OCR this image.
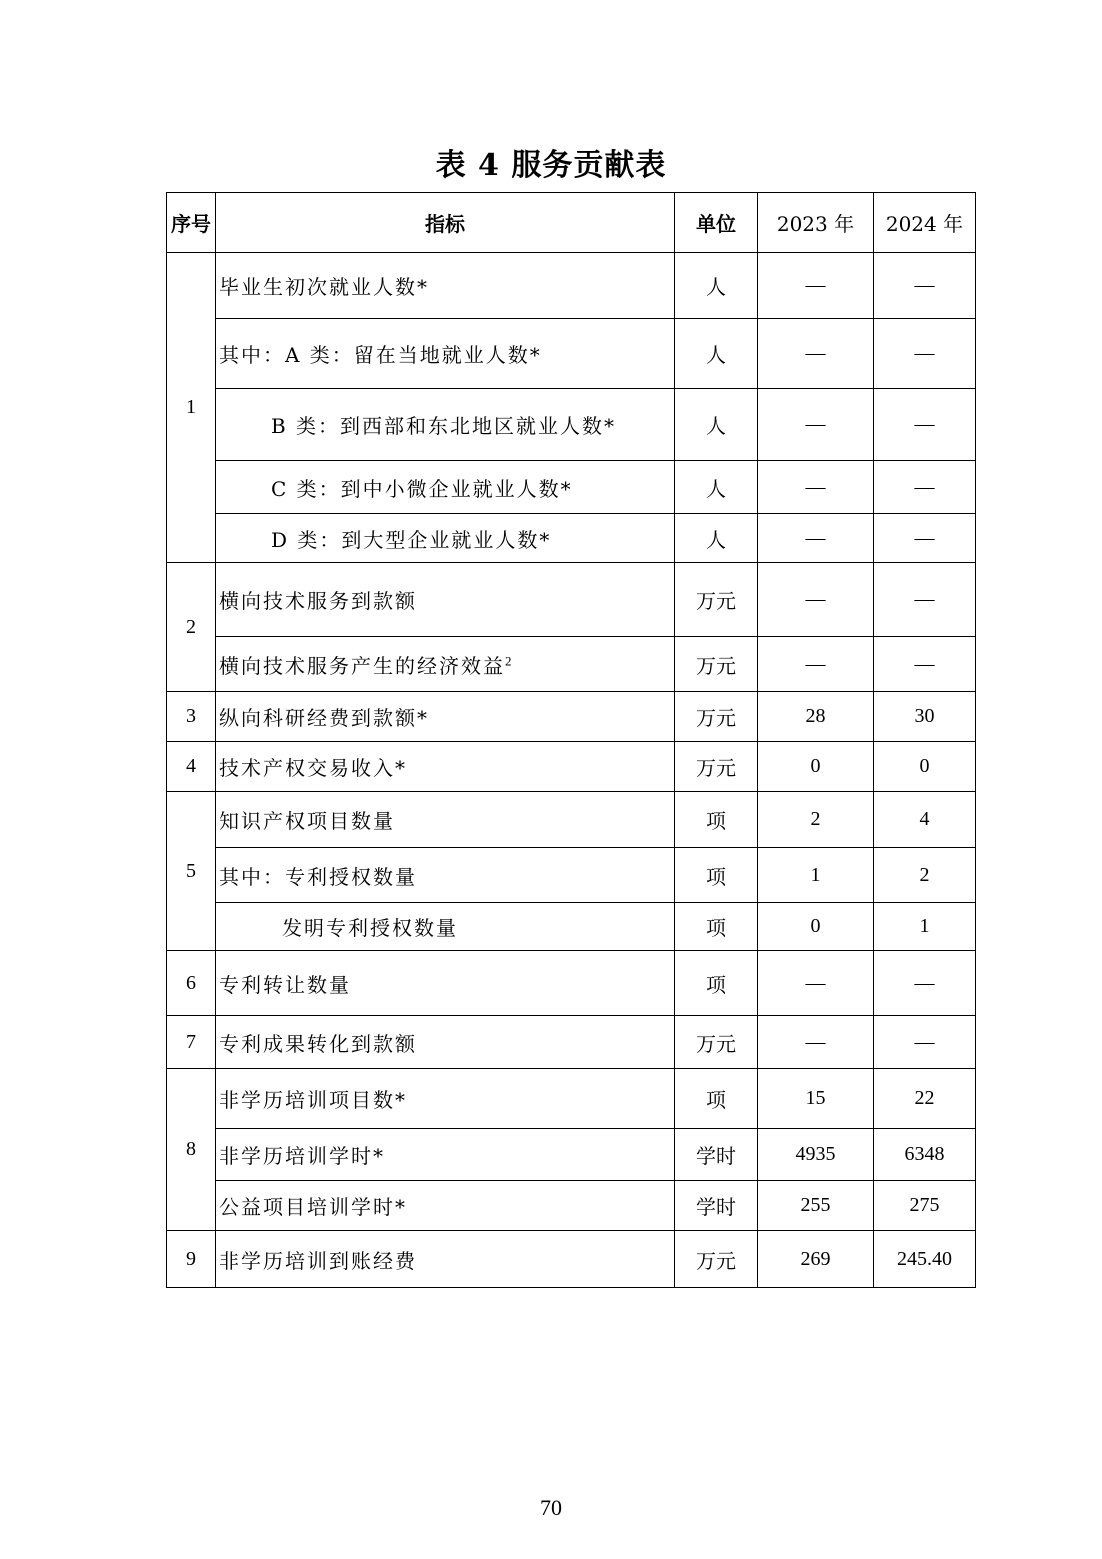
表 4 服务贡献表
序号	指标	单位	2023 年	2024 年
1	毕业生初次就业人数*	人	—	—
	其中：A 类：留在当地就业人数*	人	—	—
	B 类：到西部和东北地区就业人数*	人	—	—
	C 类：到中小微企业就业人数*	人	—	—
	D 类：到大型企业就业人数*	人	—	—
2	横向技术服务到款额	万元	—	—
	横向技术服务产生的经济效益$^2$	万元	—	—
3	纵向科研经费到款额*	万元	28	30
4	技术产权交易收入*	万元	0	0
5	知识产权项目数量	项	2	4
	其中：专利授权数量	项	1	2
	发明专利授权数量	项	0	1
6	专利转让数量	项	—	—
7	专利成果转化到款额	万元	—	—
8	非学历培训项目数*	项	15	22
	非学历培训学时*	学时	4935	6348
	公益项目培训学时*	学时	255	275
9	非学历培训到账经费	万元	269	245.40
70
